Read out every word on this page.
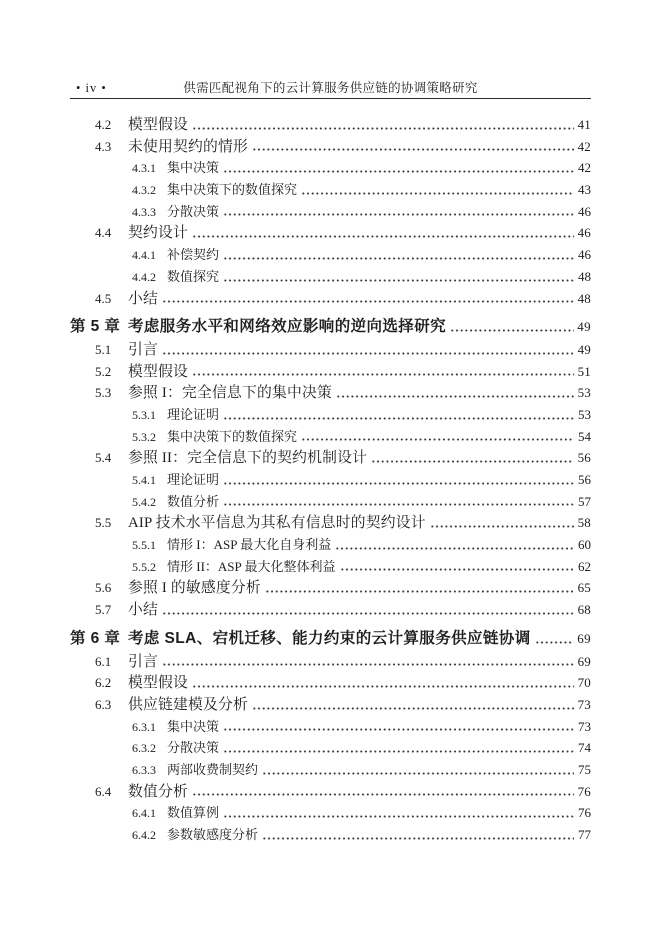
• iv •	供需匹配视角下的云计算服务供应链的协调策略研究
4.2	模型假设	41
4.3	未使用契约的情形	42
4.3.1 集中决策	42
4.3.2 集中决策下的数值探究	43
4.3.3 分散决策	46
4.4	契约设计	46
4.4.1 补偿契约	46
4.4.2 数值探究	48
4.5	小结	48
第 5 章 考虑服务水平和网络效应影响的逆向选择研究	49
5.1	引言	49
5.2	模型假设	51
5.3	参照 I：完全信息下的集中决策	53
5.3.1 理论证明	53
5.3.2 集中决策下的数值探究	54
5.4	参照 II：完全信息下的契约机制设计	56
5.4.1 理论证明	56
5.4.2 数值分析	57
5.5	AIP 技术水平信息为其私有信息时的契约设计	58
5.5.1 情形 I：ASP 最大化自身利益	60
5.5.2 情形 II：ASP 最大化整体利益	62
5.6	参照 I 的敏感度分析	65
5.7	小结	68
第 6 章 考虑 SLA、宕机迁移、能力约束的云计算服务供应链协调	69
6.1	引言	69
6.2	模型假设	70
6.3	供应链建模及分析	73
6.3.1 集中决策	73
6.3.2 分散决策	74
6.3.3 两部收费制契约	75
6.4	数值分析	76
6.4.1 数值算例	76
6.4.2 参数敏感度分析	77
